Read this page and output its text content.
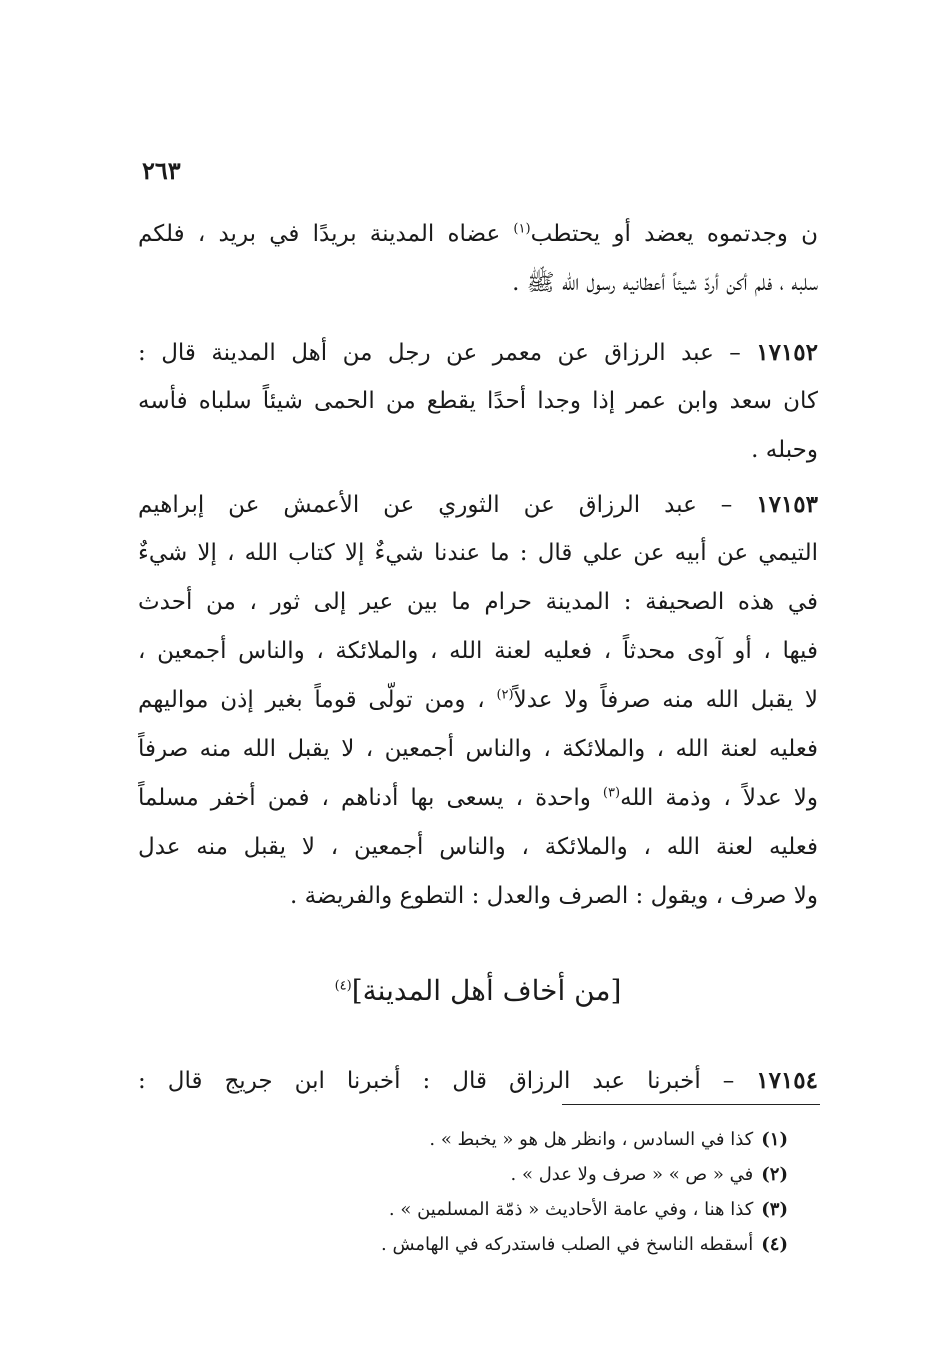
٢٦٣
ن وجدتموه يعضد أو يحتطب$^{(١)}$ عضاه المدينة بريدًا في بريد ، فلكم
سلبه ، فلم أكن أردّ شيئاً أعطانيه رسول الله ﷺ .
١٧١٥٢ – عبد الرزاق عن معمر عن رجل من أهل المدينة قال :
كان سعد وابن عمر إذا وجدا أحدًا يقطع من الحمى شيئاً سلباه فأسه
وحبله .
١٧١٥٣ – عبد الرزاق عن الثوري عن الأعمش عن إبراهيم
التيمي عن أبيه عن علي قال : ما عندنا شيءٌ إلا كتاب الله ، إلا شيءٌ
في هذه الصحيفة : المدينة حرام ما بين عير إلى ثور ، من أحدث
فيها ، أو آوى محدثاً ، فعليه لعنة الله ، والملائكة ، والناس أجمعين ،
لا يقبل الله منه صرفاً ولا عدلاً$^{(٢)}$ ، ومن تولّى قوماً بغير إذن مواليهم
فعليه لعنة الله ، والملائكة ، والناس أجمعين ، لا يقبل الله منه صرفاً
ولا عدلاً ، وذمة الله$^{(٣)}$ واحدة ، يسعى بها أدناهم ، فمن أخفر مسلماً
فعليه لعنة الله ، والملائكة ، والناس أجمعين ، لا يقبل منه عدل
ولا صرف ، ويقول : الصرف والعدل : التطوع والفريضة .
[من أخاف أهل المدينة]$^{(٤)}$
١٧١٥٤ – أخبرنا عبد الرزاق قال : أخبرنا ابن جريج قال :
(١)كذا في السادس ، وانظر هل هو « يخبط » .
(٢)في « ص » « صرف ولا عدل » .
(٣)كذا هنا ، وفي عامة الأحاديث « ذمّة المسلمين » .
(٤)أسقطه الناسخ في الصلب فاستدركه في الهامش .
